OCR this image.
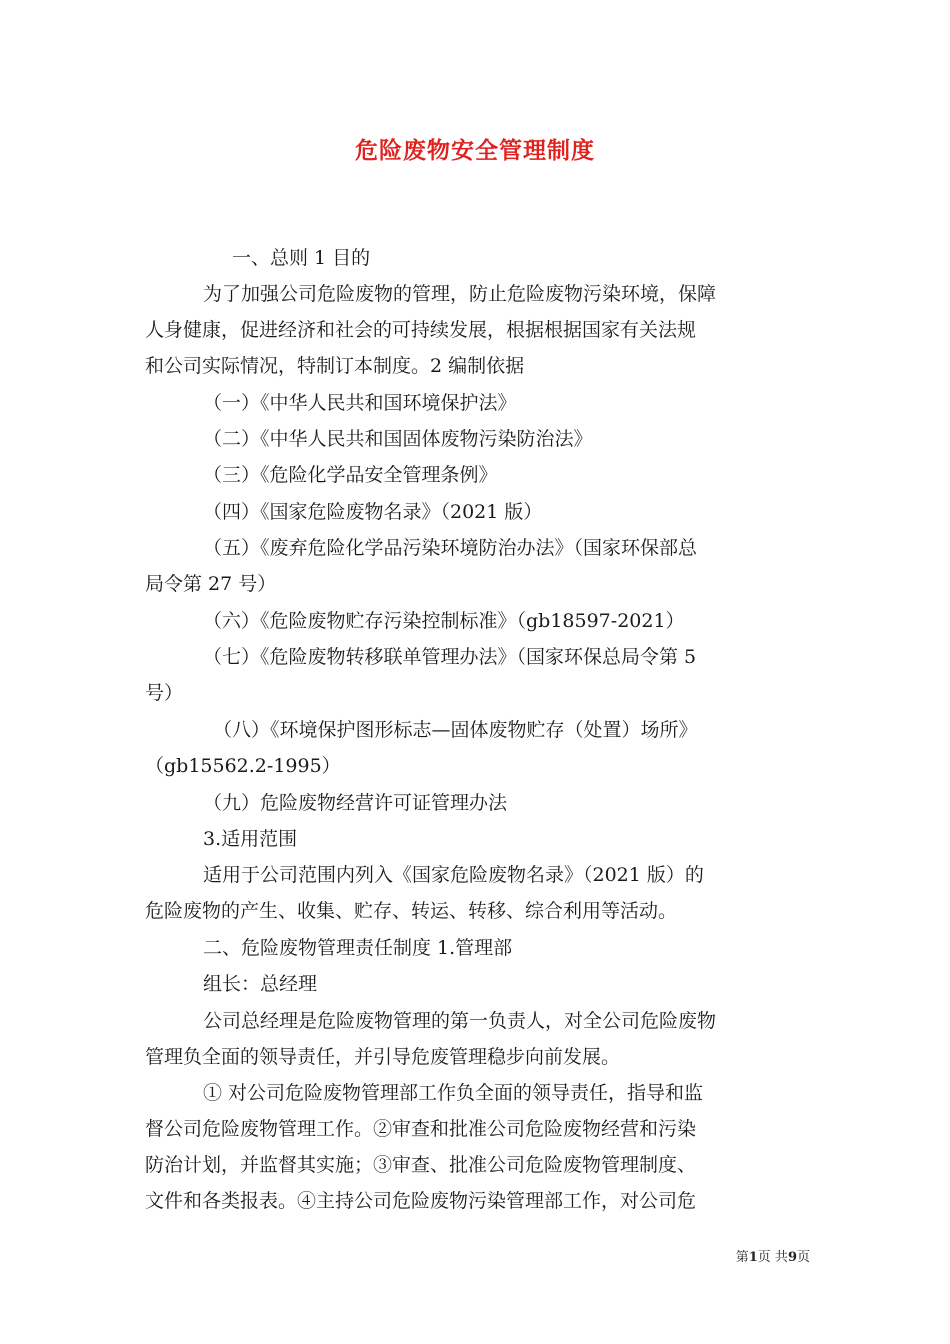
危险废物安全管理制度
一、总则 1 目的
为了加强公司危险废物的管理，防止危险废物污染环境，保障
人身健康，促进经济和社会的可持续发展，根据根据国家有关法规
和公司实际情况，特制订本制度。2 编制依据
（一）《中华人民共和国环境保护法》
（二）《中华人民共和国固体废物污染防治法》
（三）《危险化学品安全管理条例》
（四）《国家危险废物名录》（2021 版）
（五）《废弃危险化学品污染环境防治办法》（国家环保部总
局令第 27 号）
（六）《危险废物贮存污染控制标准》（gb18597-2021）
（七）《危险废物转移联单管理办法》（国家环保总局令第 5
号）
（八）《环境保护图形标志—固体废物贮存（处置）场所》
（gb15562.2-1995）
（九）危险废物经营许可证管理办法
3.适用范围
适用于公司范围内列入《国家危险废物名录》（2021 版）的
危险废物的产生、收集、贮存、转运、转移、综合利用等活动。
二、危险废物管理责任制度 1.管理部
组长：总经理
公司总经理是危险废物管理的第一负责人，对全公司危险废物
管理负全面的领导责任，并引导危废管理稳步向前发展。
① 对公司危险废物管理部工作负全面的领导责任，指导和监
督公司危险废物管理工作。②审查和批准公司危险废物经营和污染
防治计划，并监督其实施；③审查、批准公司危险废物管理制度、
文件和各类报表。④主持公司危险废物污染管理部工作，对公司危
第1页 共9页
